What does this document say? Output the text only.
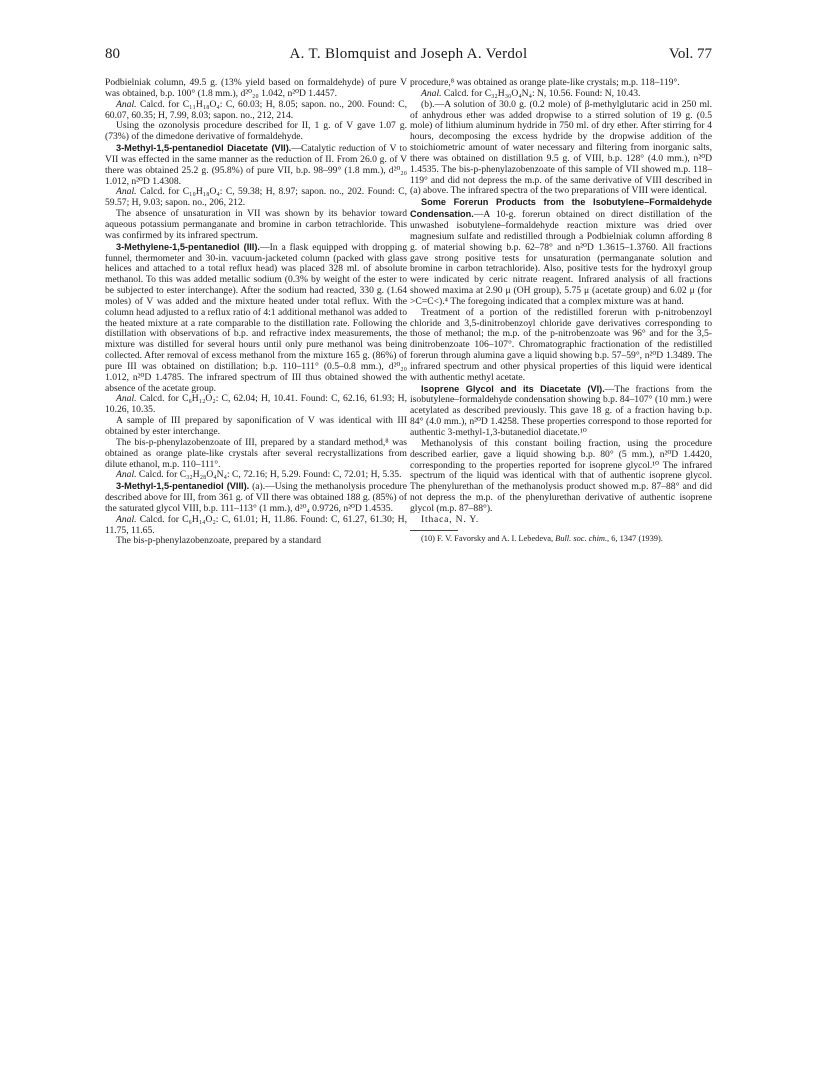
80	A. T. Blomquist and Joseph A. Verdol	Vol. 77

Podbielniak column, 49.5 g. (13% yield based on formaldehyde) of pure V was obtained, b.p. 100° (1.8 mm.), d²⁰₂₀ 1.042, n²⁰D 1.4457.

Anal. Calcd. for C₁₁H₁₈O₄: C, 60.03; H, 8.05; sapon. no., 200. Found: C, 60.07, 60.35; H, 7.99, 8.03; sapon. no., 212, 214.

Using the ozonolysis procedure described for II, 1 g. of V gave 1.07 g. (73%) of the dimedone derivative of formaldehyde.

3-Methyl-1,5-pentanediol Diacetate (VII).—Catalytic reduction of V to VII was effected in the same manner as the reduction of II. From 26.0 g. of V there was obtained 25.2 g. (95.8%) of pure VII, b.p. 98–99° (1.8 mm.), d²⁰₂₀ 1.012, n²⁰D 1.4308.

Anal. Calcd. for C₁₀H₁₈O₄: C, 59.38; H, 8.97; sapon. no., 202. Found: C, 59.57; H, 9.03; sapon. no., 206, 212.

The absence of unsaturation in VII was shown by its behavior toward aqueous potassium permanganate and bromine in carbon tetrachloride. This was confirmed by its infrared spectrum.

3-Methylene-1,5-pentanediol (III).—In a flask equipped with dropping funnel, thermometer and 30-in. vacuum-jacketed column (packed with glass helices and attached to a total reflux head) was placed 328 ml. of absolute methanol. To this was added metallic sodium (0.3% by weight of the ester to be subjected to ester interchange). After the sodium had reacted, 330 g. (1.64 moles) of V was added and the mixture heated under total reflux. With the column head adjusted to a reflux ratio of 4:1 additional methanol was added to the heated mixture at a rate comparable to the distillation rate. Following the distillation with observations of b.p. and refractive index measurements, the mixture was distilled for several hours until only pure methanol was being collected. After removal of excess methanol from the mixture 165 g. (86%) of pure III was obtained on distillation; b.p. 110–111° (0.5–0.8 mm.), d²⁰₂₀ 1.012, n²⁰D 1.4785. The infrared spectrum of III thus obtained showed the absence of the acetate group.

Anal. Calcd. for C₆H₁₂O₂: C, 62.04; H, 10.41. Found: C, 62.16, 61.93; H, 10.26, 10.35.

A sample of III prepared by saponification of V was identical with III obtained by ester interchange.

The bis-p-phenylazobenzoate of III, prepared by a standard method,⁸ was obtained as orange plate-like crystals after several recrystallizations from dilute ethanol, m.p. 110–111°.

Anal. Calcd. for C₃₂H₂₈O₄N₄: C, 72.16; H, 5.29. Found: C, 72.01; H, 5.35.

3-Methyl-1,5-pentanediol (VIII). (a).—Using the methanolysis procedure described above for III, from 361 g. of VII there was obtained 188 g. (85%) of the saturated glycol VIII, b.p. 111–113° (1 mm.), d²⁰₄ 0.9726, n²⁰D 1.4535.

Anal. Calcd. for C₆H₁₄O₂: C, 61.01; H, 11.86. Found: C, 61.27, 61.30; H, 11.75, 11.65.

The bis-p-phenylazobenzoate, prepared by a standard

procedure,⁸ was obtained as orange plate-like crystals; m.p. 118–119°.

Anal. Calcd. for C₃₂H₃₀O₄N₄: N, 10.56. Found: N, 10.43.

(b).—A solution of 30.0 g. (0.2 mole) of β-methylglutaric acid in 250 ml. of anhydrous ether was added dropwise to a stirred solution of 19 g. (0.5 mole) of lithium aluminum hydride in 750 ml. of dry ether. After stirring for 4 hours, decomposing the excess hydride by the dropwise addition of the stoichiometric amount of water necessary and filtering from inorganic salts, there was obtained on distillation 9.5 g. of VIII, b.p. 128° (4.0 mm.), n²⁰D 1.4535. The bis-p-phenylazobenzoate of this sample of VII showed m.p. 118–119° and did not depress the m.p. of the same derivative of VIII described in (a) above. The infrared spectra of the two preparations of VIII were identical.

Some Forerun Products from the Isobutylene–Formaldehyde Condensation.—A 10-g. forerun obtained on direct distillation of the unwashed isobutylene–formaldehyde reaction mixture was dried over magnesium sulfate and redistilled through a Podbielniak column affording 8 g. of material showing b.p. 62–78° and n²⁰D 1.3615–1.3760. All fractions gave strong positive tests for unsaturation (permanganate solution and bromine in carbon tetrachloride). Also, positive tests for the hydroxyl group were indicated by ceric nitrate reagent. Infrared analysis of all fractions showed maxima at 2.90 μ (OH group), 5.75 μ (acetate group) and 6.02 μ (for >C=C<).⁴ The foregoing indicated that a complex mixture was at hand.

Treatment of a portion of the redistilled forerun with p-nitrobenzoyl chloride and 3,5-dinitrobenzoyl chloride gave derivatives corresponding to those of methanol; the m.p. of the p-nitrobenzoate was 96° and for the 3,5-dinitrobenzoate 106–107°. Chromatographic fractionation of the redistilled forerun through alumina gave a liquid showing b.p. 57–59°, n²⁰D 1.3489. The infrared spectrum and other physical properties of this liquid were identical with authentic methyl acetate.

Isoprene Glycol and its Diacetate (VI).—The fractions from the isobutylene–formaldehyde condensation showing b.p. 84–107° (10 mm.) were acetylated as described previously. This gave 18 g. of a fraction having b.p. 84° (4.0 mm.), n²⁰D 1.4258. These properties correspond to those reported for authentic 3-methyl-1,3-butanediol diacetate.¹⁰

Methanolysis of this constant boiling fraction, using the procedure described earlier, gave a liquid showing b.p. 80° (5 mm.), n²⁰D 1.4420, corresponding to the properties reported for isoprene glycol.¹⁰ The infrared spectrum of the liquid was identical with that of authentic isoprene glycol. The phenylurethan of the methanolysis product showed m.p. 87–88° and did not depress the m.p. of the phenylurethan derivative of authentic isoprene glycol (m.p. 87–88°).

Ithaca, N. Y.

(10) F. V. Favorsky and A. I. Lebedeva, Bull. soc. chim., 6, 1347 (1939).
